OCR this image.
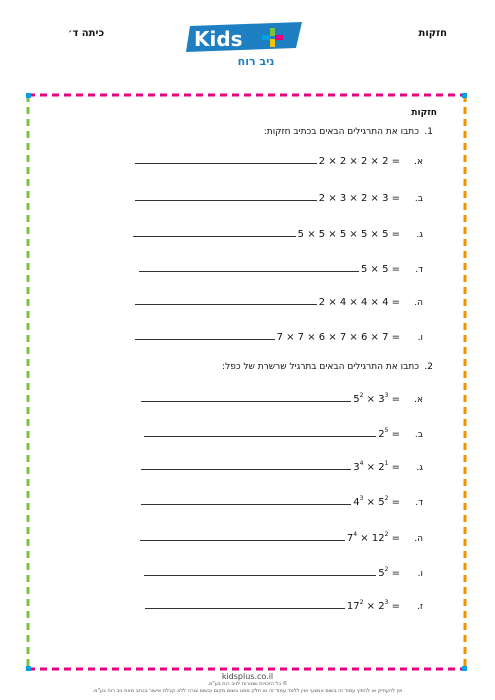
חזקות
כיתה ד׳	Kids
ניב רוח
חזקות
.1
כתבו את התרגילים הבאים בכתיב חזקות:
א.
2 × 2 × 2 × 2 =
ב.
2 × 3 × 2 × 3 =
ג.
5 × 5 × 5 × 5 × 5 =
ד.
5 × 5 =
ה.
2 × 4 × 4 × 4 =
ו.
7 × 7 × 6 × 7 × 6 × 7 =
.2
כתבו את התרגילים הבאים בתרגיל שרשרת של כפל:
א.
$5^2 \times 3^3$ =
ב.
$2^5$ =
ג.
$3^4 \times 2^1$ =
ד.
$4^3 \times 5^2$ =
ה.
$7^4 \times 12^2$ =
ו.
$5^2$ =
ז.
$17^2 \times 2^3$ =
kidsplus.co.il
© כל הזכויות שמורות לניב רוח בע"מ.
אין להעתיק או להפיץ עמוד זה בשום אמצעי ואין ללמד עמוד זה או חלק ממנו בשום מקום ובשום צורה ללא קבלת אישור בכתב מאת ניב רוח בע"מ.
